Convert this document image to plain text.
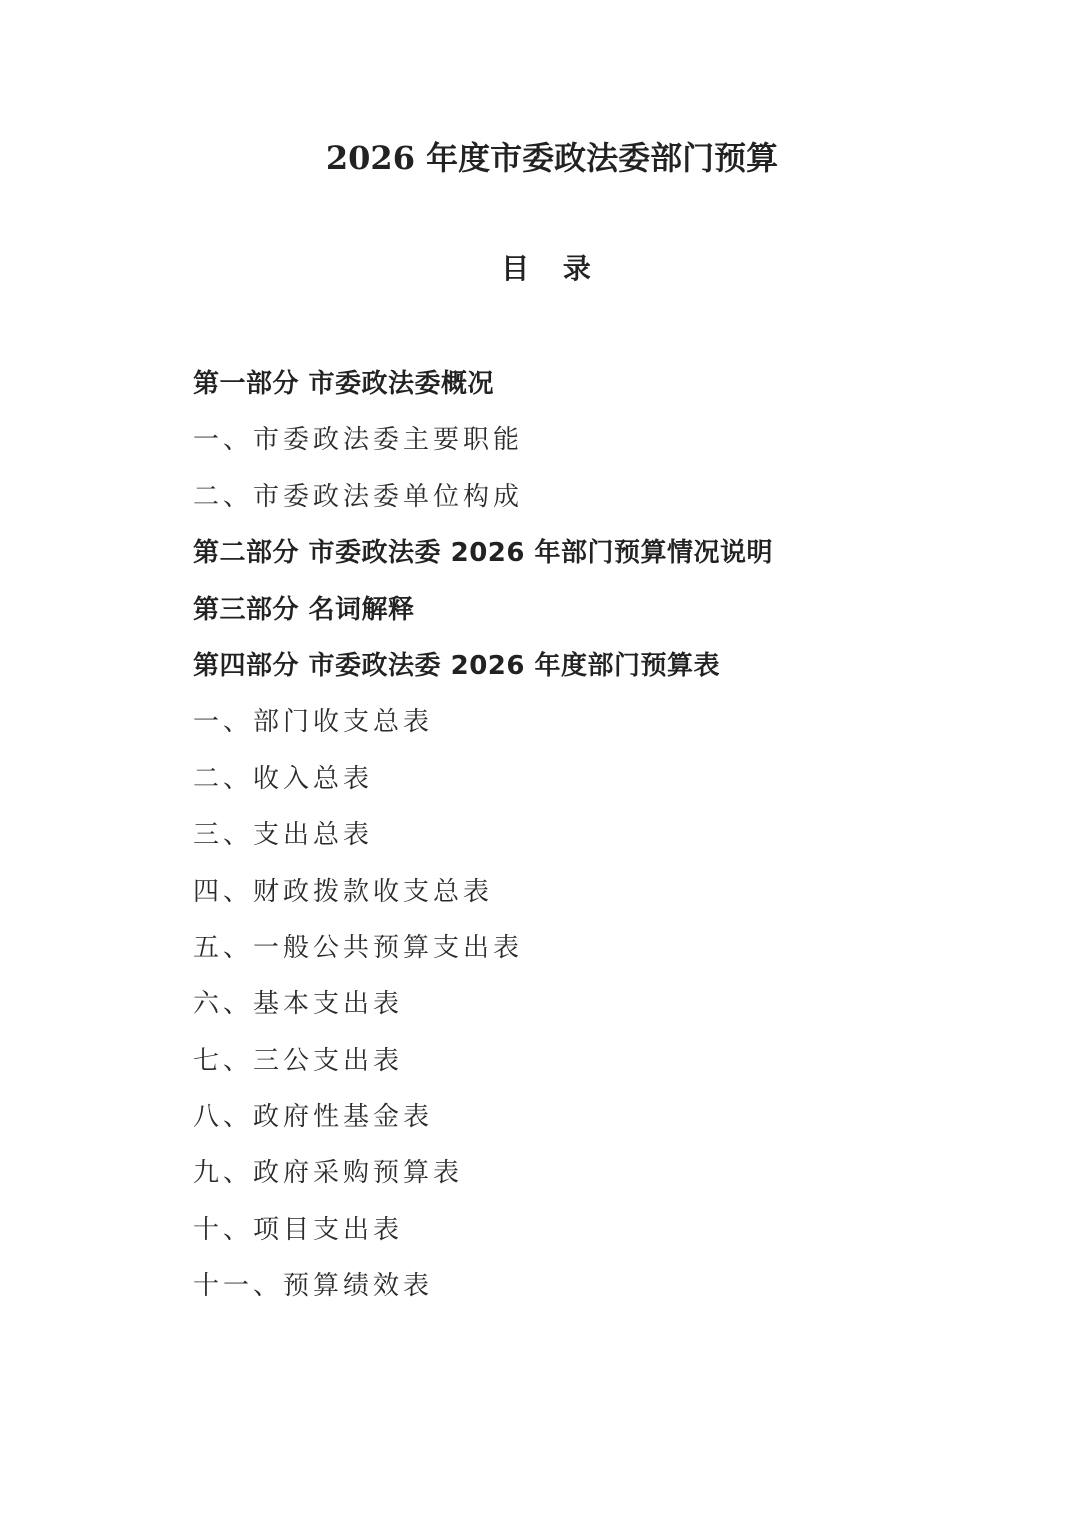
2026 年度市委政法委部门预算
目 录
第一部分 市委政法委概况
一、市委政法委主要职能
二、市委政法委单位构成
第二部分 市委政法委 2026 年部门预算情况说明
第三部分 名词解释
第四部分 市委政法委 2026 年度部门预算表
一、部门收支总表
二、收入总表
三、支出总表
四、财政拨款收支总表
五、一般公共预算支出表
六、基本支出表
七、三公支出表
八、政府性基金表
九、政府采购预算表
十、项目支出表
十一、预算绩效表
